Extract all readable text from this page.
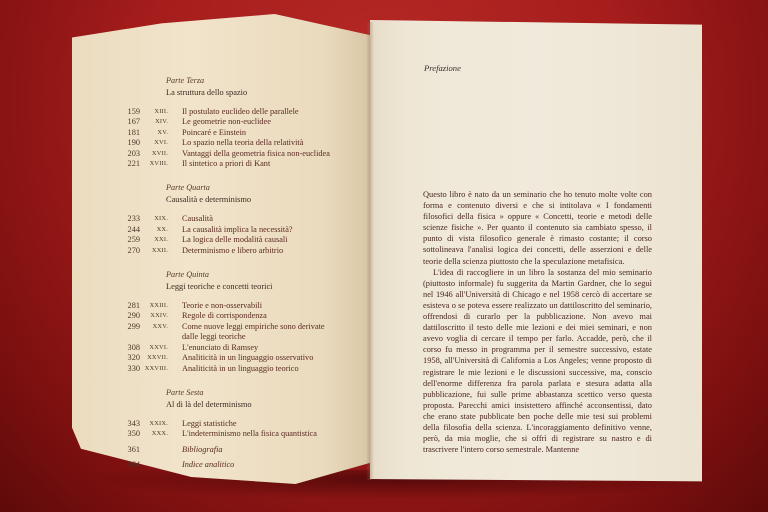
Parte Terza
La struttura dello spazio
159	XIII.	Il postulato euclideo delle parallele
167	XIV.	Le geometrie non-euclidee
181	XV.	Poincaré e Einstein
190	XVI.	Lo spazio nella teoria della relatività
203	XVII.	Vantaggi della geometria fisica non-euclidea
221	XVIII.	Il sintetico a priori di Kant
Parte Quarta
Causalità e determinismo
233	XIX.	Causalità
244	XX.	La causalità implica la necessità?
259	XXI.	La logica delle modalità causali
270	XXII.	Determinismo e libero arbitrio
Parte Quinta
Leggi teoriche e concetti teorici
281	XXIII.	Teorie e non-osservabili
290	XXIV.	Regole di corrispondenza
299	XXV.	Come nuove leggi empiriche sono derivate
dalle leggi teoriche
308	XXVI.	L'enunciato di Ramsey
320	XXVII.	Analiticità in un linguaggio osservativo
330 XXVIII.	Analiticità in un linguaggio teorico
Parte Sesta
Al di là del determinismo
343	XXIX.	Leggi statistiche
350	XXX.	L'indeterminismo nella fisica quantistica
361	Bibliografia
364	Indice analitico
Prefazione

Questo libro è nato da un seminario che ho tenuto molte volte con forma e contenuto diversi e che si intitolava « I fondamenti filosofici della fisica » oppure « Concetti, teorie e metodi delle scienze fisiche ». Per quanto il contenuto sia cambiato spesso, il punto di vista filosofico generale è rimasto costante; il corso sottolineava l'analisi logica dei concetti, delle asserzioni e delle teorie della scienza piuttosto che la speculazione metafisica.

L'idea di raccogliere in un libro la sostanza del mio seminario (piuttosto informale) fu suggerita da Martin Gardner, che lo seguì nel 1946 all'Università di Chicago e nel 1958 cercò di accertare se esisteva o se poteva essere realizzato un dattiloscritto del seminario, offrendosi di curarlo per la pubblicazione. Non avevo mai dattiloscritto il testo delle mie lezioni e dei miei seminari, e non avevo voglia di cercare il tempo per farlo. Accadde, però, che il corso fu messo in programma per il semestre successivo, estate 1958, all'Università di California a Los Angeles; venne proposto di registrare le mie lezioni e le discussioni successive, ma, conscio dell'enorme differenza fra parola parlata e stesura adatta alla pubblicazione, fui sulle prime abbastanza scettico verso questa proposta. Parecchi amici insistettero affinché acconsentissi, dato che erano state pubblicate ben poche delle mie tesi sui problemi della filosofia della scienza. L'incoraggiamento definitivo venne, però, da mia moglie, che si offrì di registrare su nastro e di trascrivere l'intero corso semestrale. Mantenne
